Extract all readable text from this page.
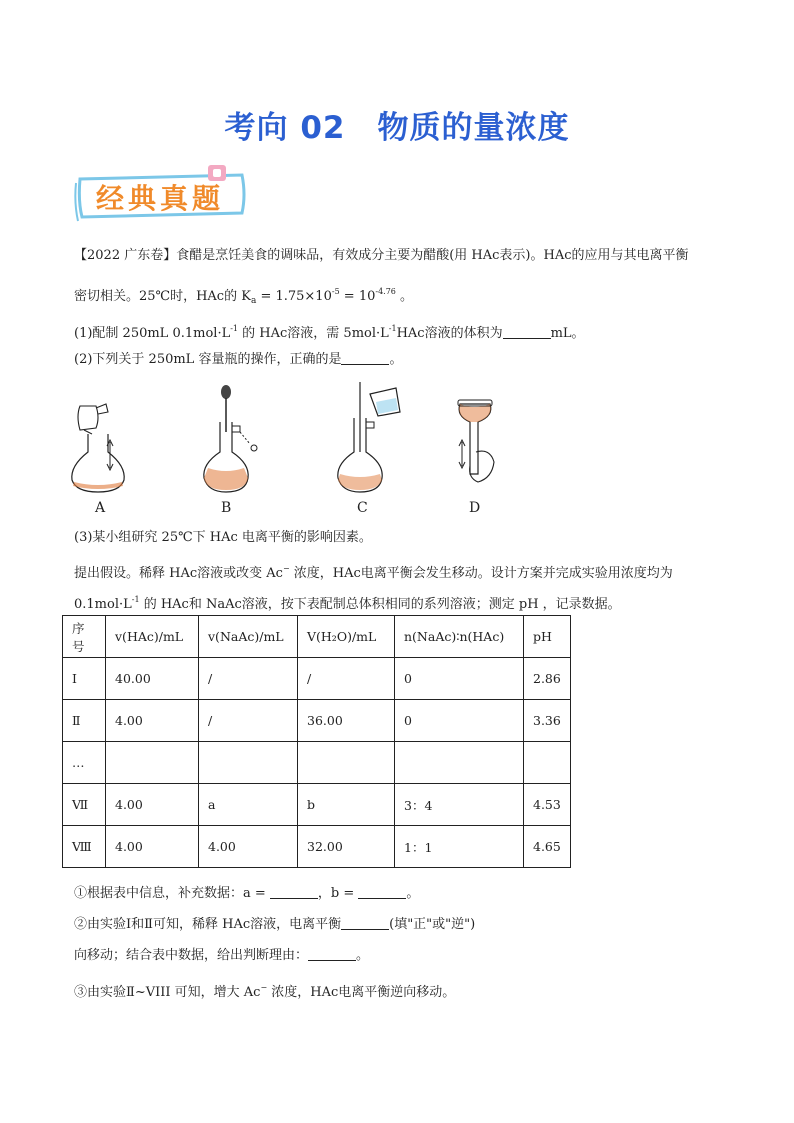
考向 02　物质的量浓度
经典真题
【2022 广东卷】食醋是烹饪美食的调味品，有效成分主要为醋酸(用 HAc表示)。HAc的应用与其电离平衡
密切相关。25℃时，HAc的 $K_a = 1.75\times 10^{-5} = 10^{-4.76}$ 。
(1)配制 250mL $0.1mol\cdot L^{-1}$ 的 HAc溶液，需 $5mol\cdot L^{-1}HAc$溶液的体积为	mL。
(2)下列关于 250mL 容量瓶的操作，正确的是	。
A	B	C	D
(3)某小组研究 25℃下 HAc 电离平衡的影响因素。
提出假设。稀释 HAc溶液或改变 Ac− 浓度，HAc电离平衡会发生移动。设计方案并完成实验用浓度均为
$0.1mol\cdot L^{-1}$ 的 HAc和 NaAc溶液，按下表配制总体积相同的系列溶液；测定 pH ，记录数据。
序号	v(HAc)/mL	v(NaAc)/mL	V(H₂O)/mL	n(NaAc)∶n(HAc)	pH
Ⅰ	40.00	/	/	0	2.86
Ⅱ	4.00	/	36.00	0	3.36
…					
Ⅶ	4.00	a	b	3：4	4.53
Ⅷ	4.00	4.00	32.00	1：1	4.65
①根据表中信息，补充数据：a =	，b =	。
②由实验Ⅰ和Ⅱ可知，稀释 HAc溶液，电离平衡	(填"正"或"逆")
向移动；结合表中数据，给出判断理由：	。
③由实验Ⅱ~VIII 可知，增大 Ac− 浓度，HAc电离平衡逆向移动。
